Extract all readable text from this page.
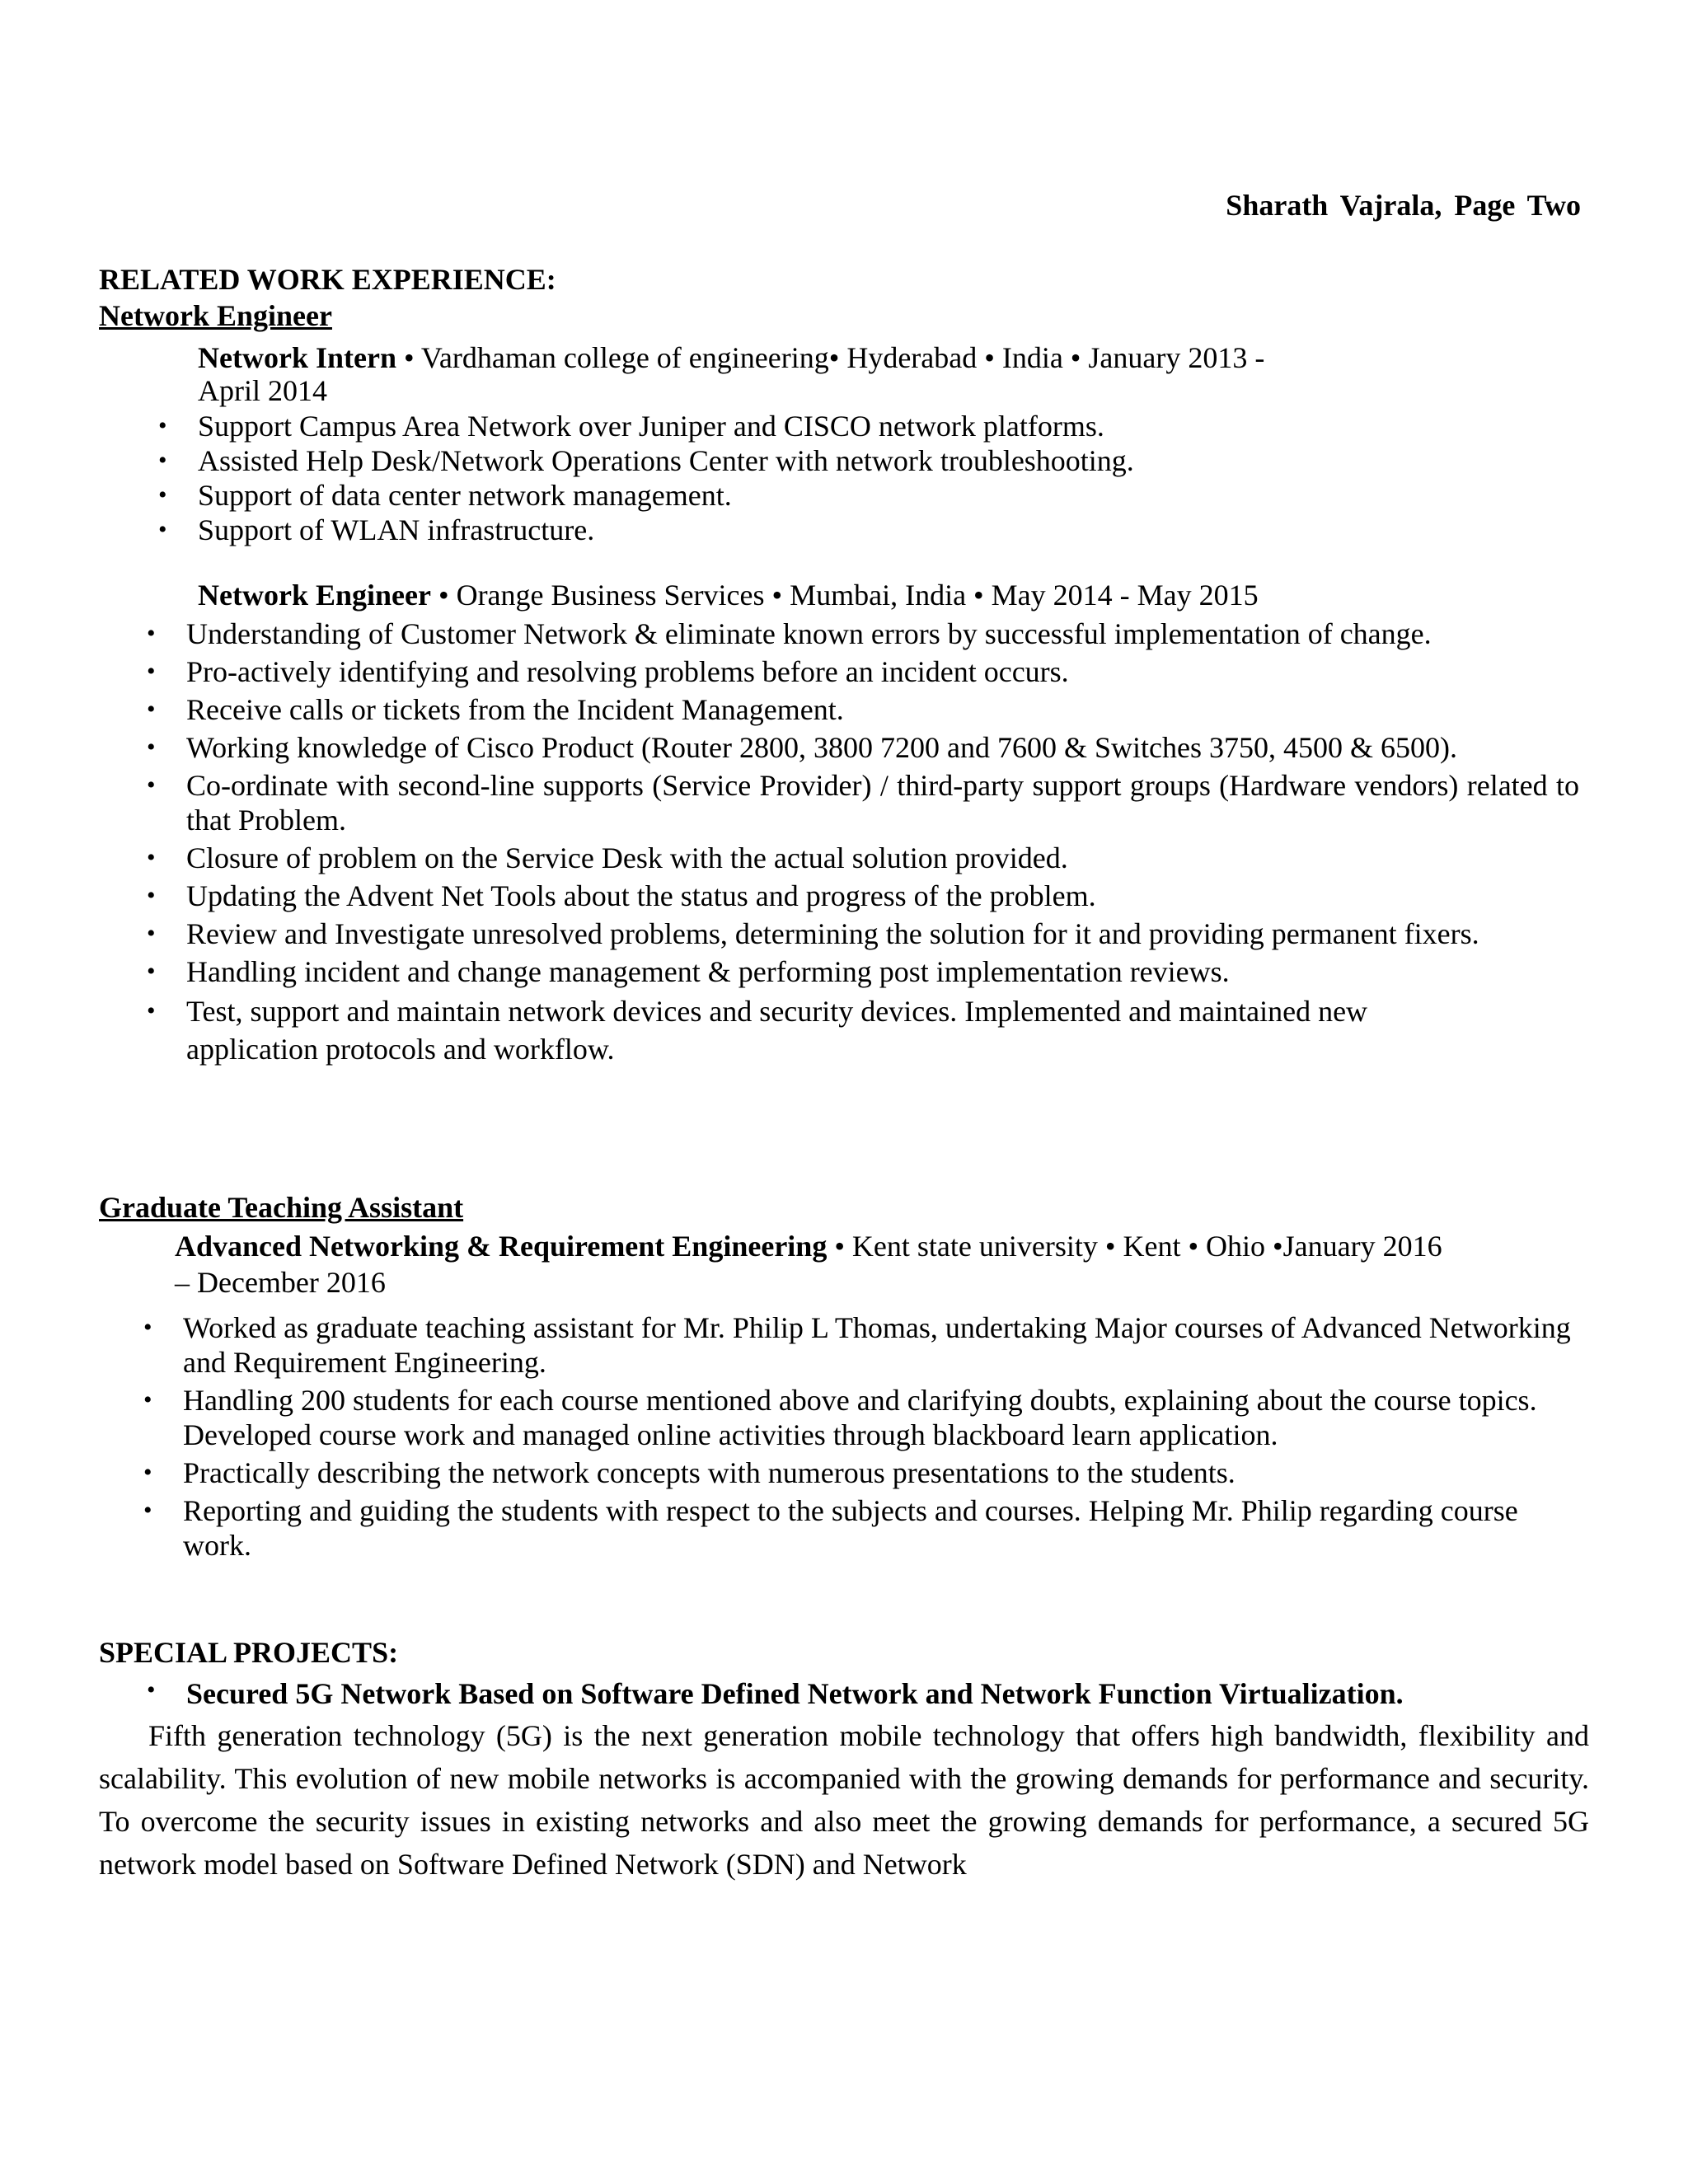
Sharath Vajrala, Page Two
RELATED WORK EXPERIENCE:
Network Engineer
Network Intern • Vardhaman college of engineering• Hyderabad • India • January 2013 -
April 2014
• Support Campus Area Network over Juniper and CISCO network platforms.
• Assisted Help Desk/Network Operations Center with network troubleshooting.
• Support of data center network management.
• Support of WLAN infrastructure.
Network Engineer • Orange Business Services • Mumbai, India • May 2014 - May 2015
• Understanding of Customer Network & eliminate known errors by successful implementation of change.
• Pro-actively identifying and resolving problems before an incident occurs.
• Receive calls or tickets from the Incident Management.
• Working knowledge of Cisco Product (Router 2800, 3800 7200 and 7600 & Switches 3750, 4500 & 6500).
• Co-ordinate with second-line supports (Service Provider) / third-party support groups (Hardware vendors) related to that Problem.
• Closure of problem on the Service Desk with the actual solution provided.
• Updating the Advent Net Tools about the status and progress of the problem.
• Review and Investigate unresolved problems, determining the solution for it and providing permanent fixers.
• Handling incident and change management & performing post implementation reviews.
• Test, support and maintain network devices and security devices. Implemented and maintained new application protocols and workflow.
Graduate Teaching Assistant
Advanced Networking & Requirement Engineering • Kent state university • Kent • Ohio •January 2016
– December 2016
• Worked as graduate teaching assistant for Mr. Philip L Thomas, undertaking Major courses of Advanced Networking and Requirement Engineering.
• Handling 200 students for each course mentioned above and clarifying doubts, explaining about the course topics. Developed course work and managed online activities through blackboard learn application.
• Practically describing the network concepts with numerous presentations to the students.
• Reporting and guiding the students with respect to the subjects and courses. Helping Mr. Philip regarding course work.
SPECIAL PROJECTS:
• Secured 5G Network Based on Software Defined Network and Network Function Virtualization.

Fifth generation technology (5G) is the next generation mobile technology that offers high bandwidth, flexibility and scalability. This evolution of new mobile networks is accompanied with the growing demands for performance and security. To overcome the security issues in existing networks and also meet the growing demands for performance, a secured 5G network model based on Software Defined Network (SDN) and Network
